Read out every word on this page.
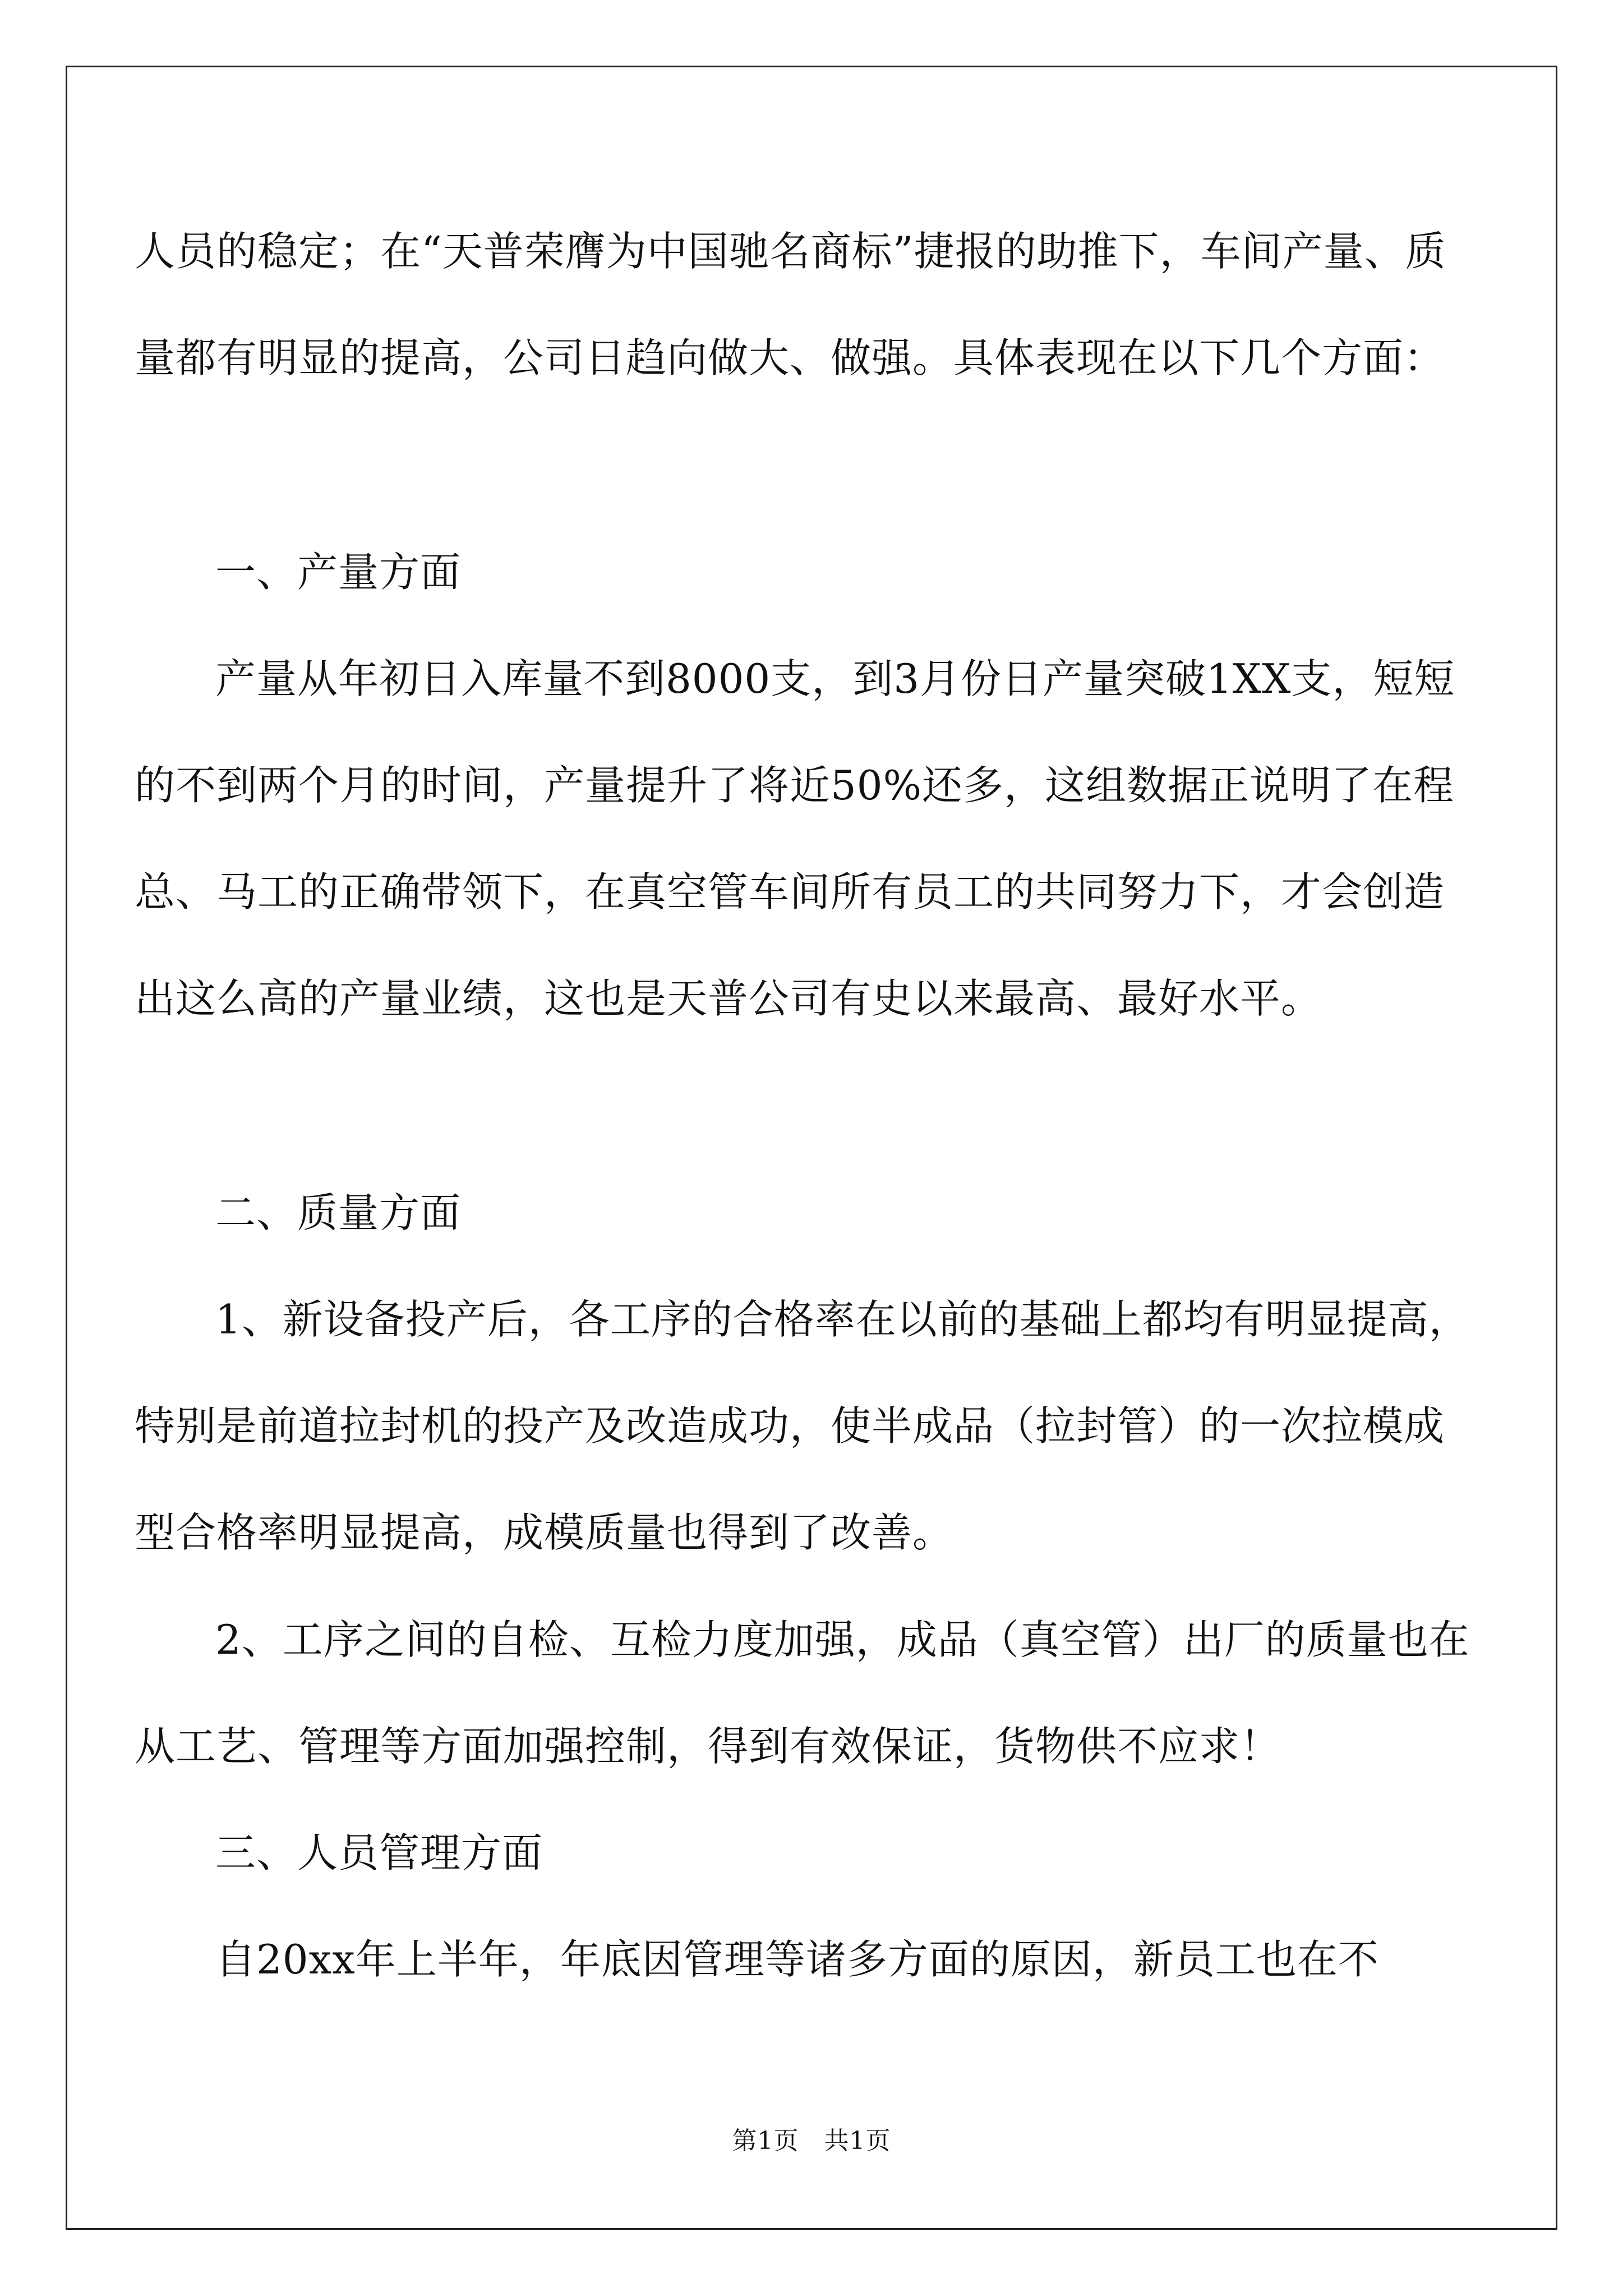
人员的稳定；在“天普荣膺为中国驰名商标”捷报的助推下，车间产量、质量都有明显的提高，公司日趋向做大、做强。具体表现在以下几个方面：
一、产量方面
产量从年初日入库量不到8000支，到3月份日产量突破1XX支，短短的不到两个月的时间，产量提升了将近50%还多，这组数据正说明了在程总、马工的正确带领下，在真空管车间所有员工的共同努力下，才会创造出这么高的产量业绩，这也是天普公司有史以来最高、最好水平。
二、质量方面
1、新设备投产后，各工序的合格率在以前的基础上都均有明显提高，特别是前道拉封机的投产及改造成功，使半成品（拉封管）的一次拉模成型合格率明显提高，成模质量也得到了改善。
2、工序之间的自检、互检力度加强，成品（真空管）出厂的质量也在从工艺、管理等方面加强控制，得到有效保证，货物供不应求！
三、人员管理方面
自20xx年上半年，年底因管理等诸多方面的原因，新员工也在不
第1页　共1页
